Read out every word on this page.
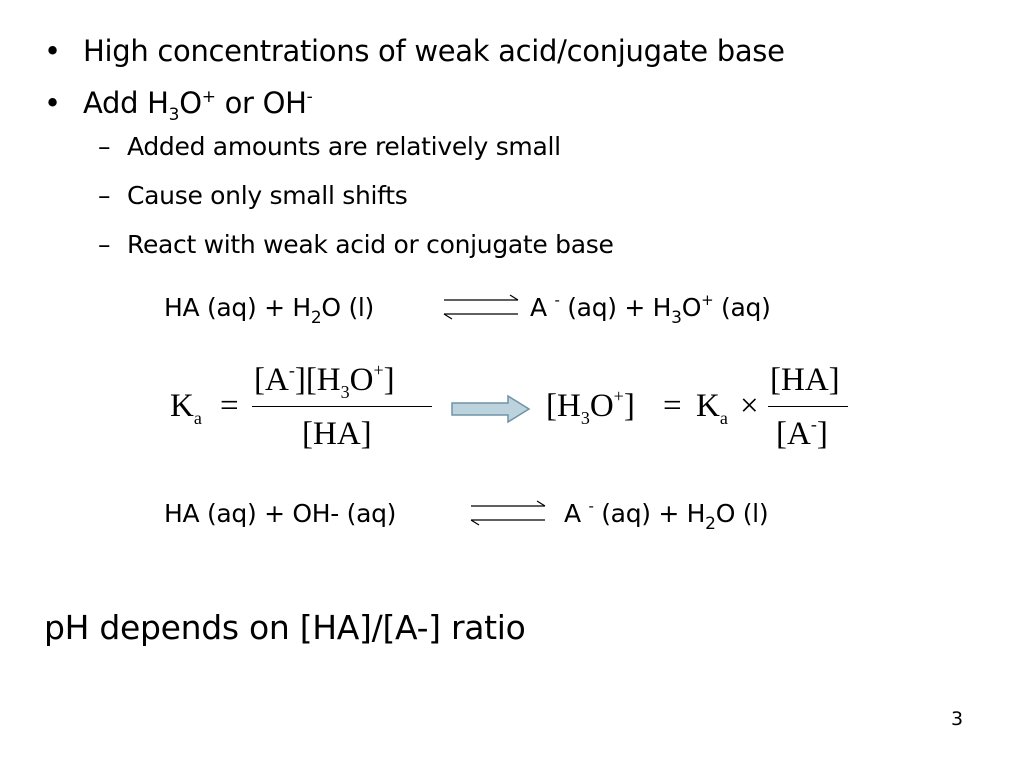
• High concentrations of weak acid/conjugate base
• Add $H_3O^+$ or OH-
– Added amounts are relatively small
– Cause only small shifts
– React with weak acid or conjugate base
HA $(aq) + H_2O$ (l)	A - $(aq) + H_3O^+$ (aq)
$K_a$ =
$[A^-][H_3O^+]$
[HA]
$[H_3O^+] = K_a$ ×
[HA]
[A-]
HA (aq) + OH- (aq)	A - $(aq) + H_2O$ (l)
pH depends on [HA]/[A-] ratio
3
